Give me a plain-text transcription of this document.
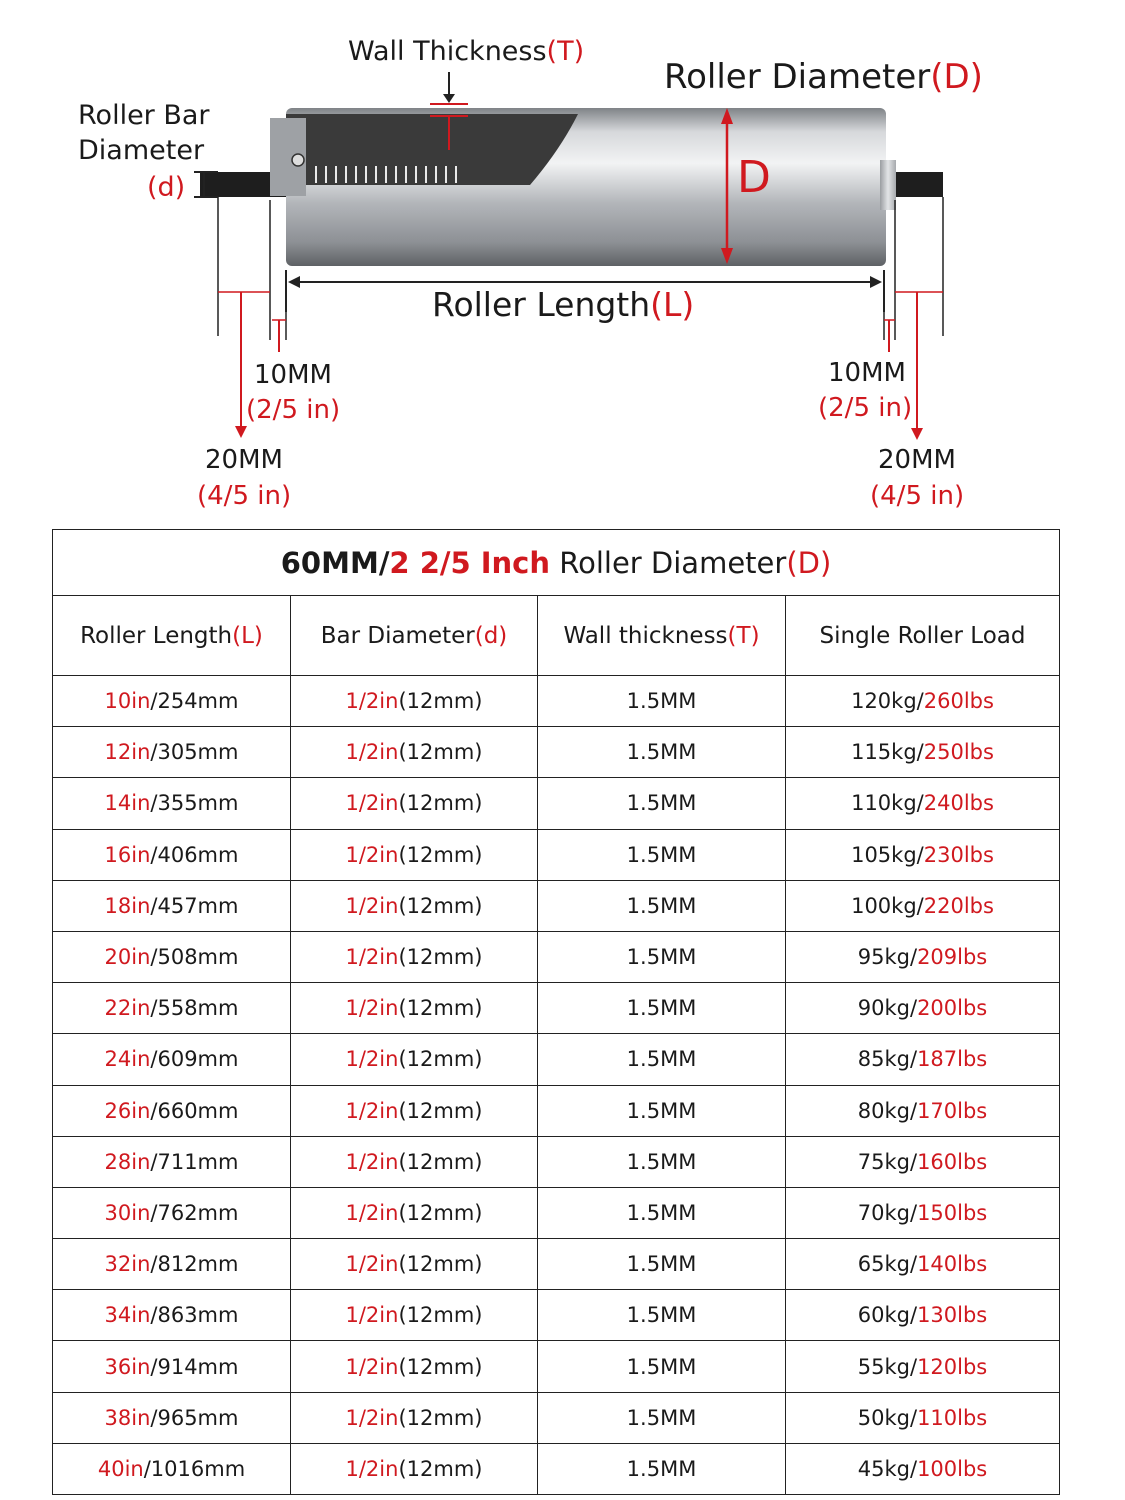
Wall Thickness(T)
Roller Diameter(D)
Roller Bar
Diameter
(d)	D
Roller Length(L)
10MM
(2/5 in)
20MM
(4/5 in)
10MM
(2/5 in)
20MM
(4/5 in)
60MM/2 2/5 Inch Roller Diameter(D)			
Roller Length(L)	Bar Diameter(d)	Wall thickness(T)	Single Roller Load
10in/254mm	1/2in(12mm)	1.5MM	120kg/260lbs
12in/305mm	1/2in(12mm)	1.5MM	115kg/250lbs
14in/355mm	1/2in(12mm)	1.5MM	110kg/240lbs
16in/406mm	1/2in(12mm)	1.5MM	105kg/230lbs
18in/457mm	1/2in(12mm)	1.5MM	100kg/220lbs
20in/508mm	1/2in(12mm)	1.5MM	95kg/209lbs
22in/558mm	1/2in(12mm)	1.5MM	90kg/200lbs
24in/609mm	1/2in(12mm)	1.5MM	85kg/187lbs
26in/660mm	1/2in(12mm)	1.5MM	80kg/170lbs
28in/711mm	1/2in(12mm)	1.5MM	75kg/160lbs
30in/762mm	1/2in(12mm)	1.5MM	70kg/150lbs
32in/812mm	1/2in(12mm)	1.5MM	65kg/140lbs
34in/863mm	1/2in(12mm)	1.5MM	60kg/130lbs
36in/914mm	1/2in(12mm)	1.5MM	55kg/120lbs
38in/965mm	1/2in(12mm)	1.5MM	50kg/110lbs
40in/1016mm	1/2in(12mm)	1.5MM	45kg/100lbs
